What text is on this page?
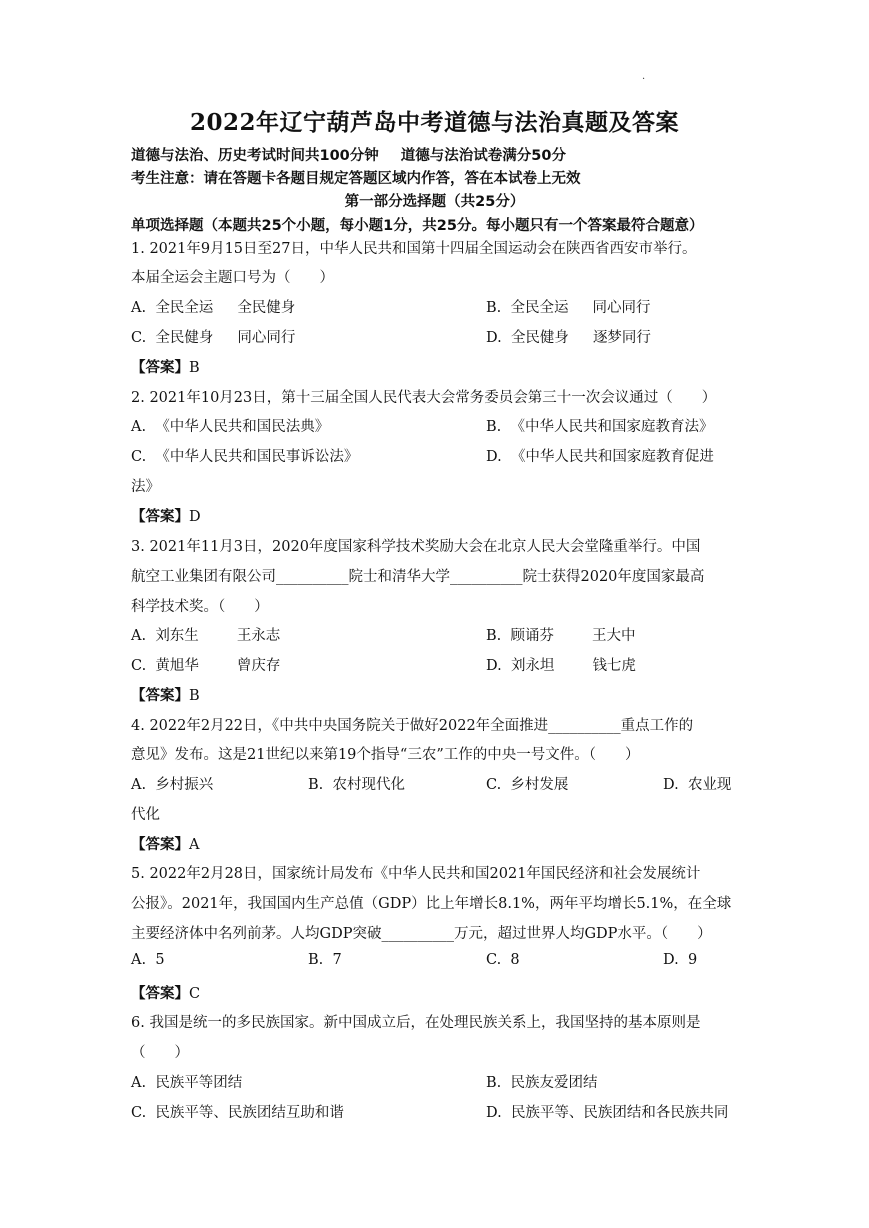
·
2022年辽宁葫芦岛中考道德与法治真题及答案
道德与法治、历史考试时间共100分钟 道德与法治试卷满分50分
考生注意：请在答题卡各题目规定答题区域内作答，答在本试卷上无效
第一部分选择题（共25分）
单项选择题（本题共25个小题，每小题1分，共25分。每小题只有一个答案最符合题意）
1. 2021年9月15日至27日，中华人民共和国第十四届全国运动会在陕西省西安市举行。
本届全运会主题口号为（　　）
A. 全民全运 全民健身	B. 全民全运 同心同行
C. 全民健身 同心同行	D. 全民健身 逐梦同行
【答案】B
2. 2021年10月23日，第十三届全国人民代表大会常务委员会第三十一次会议通过（　　）
A. 《中华人民共和国民法典》	B. 《中华人民共和国家庭教育法》
C. 《中华人民共和国民事诉讼法》	D. 《中华人民共和国家庭教育促进
法》
【答案】D
3. 2021年11月3日，2020年度国家科学技术奖励大会在北京人民大会堂隆重举行。中国
航空工业集团有限公司__________院士和清华大学__________院士获得2020年度国家最高
科学技术奖。（　　）
A. 刘东生	王永志	B. 顾诵芬	王大中
C. 黄旭华	曾庆存	D. 刘永坦	钱七虎
【答案】B
4. 2022年2月22日，《中共中央国务院关于做好2022年全面推进__________重点工作的
意见》发布。这是21世纪以来第19个指导“三农”工作的中央一号文件。（　　）
A. 乡村振兴	B. 农村现代化	C. 乡村发展	D. 农业现
代化
【答案】A
5. 2022年2月28日，国家统计局发布《中华人民共和国2021年国民经济和社会发展统计
公报》。2021年，我国国内生产总值（GDP）比上年增长8.1%，两年平均增长5.1%，在全球
主要经济体中名列前茅。人均GDP突破__________万元，超过世界人均GDP水平。（　　）
A. 5	B. 7	C. 8	D. 9
【答案】C
6. 我国是统一的多民族国家。新中国成立后，在处理民族关系上，我国坚持的基本原则是
（　　）
A. 民族平等团结	B. 民族友爱团结
C. 民族平等、民族团结互助和谐	D. 民族平等、民族团结和各民族共同
